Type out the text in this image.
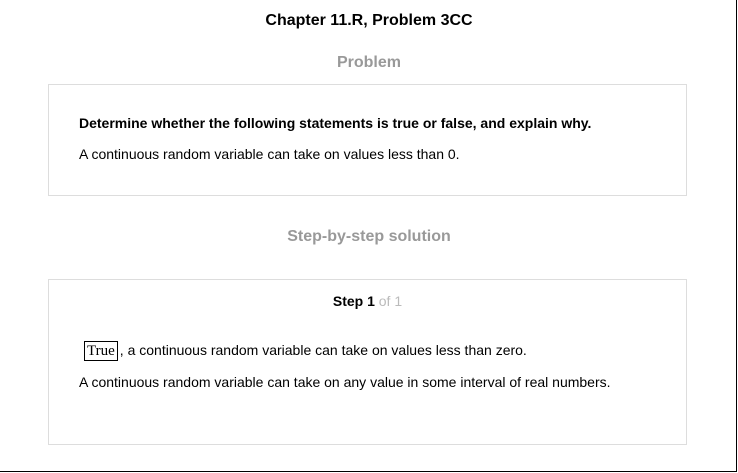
Chapter 11.R, Problem 3CC
Problem
Determine whether the following statements is true or false, and explain why.
A continuous random variable can take on values less than 0.
Step-by-step solution
Step 1 of 1
True , a continuous random variable can take on values less than zero.
A continuous random variable can take on any value in some interval of real numbers.
